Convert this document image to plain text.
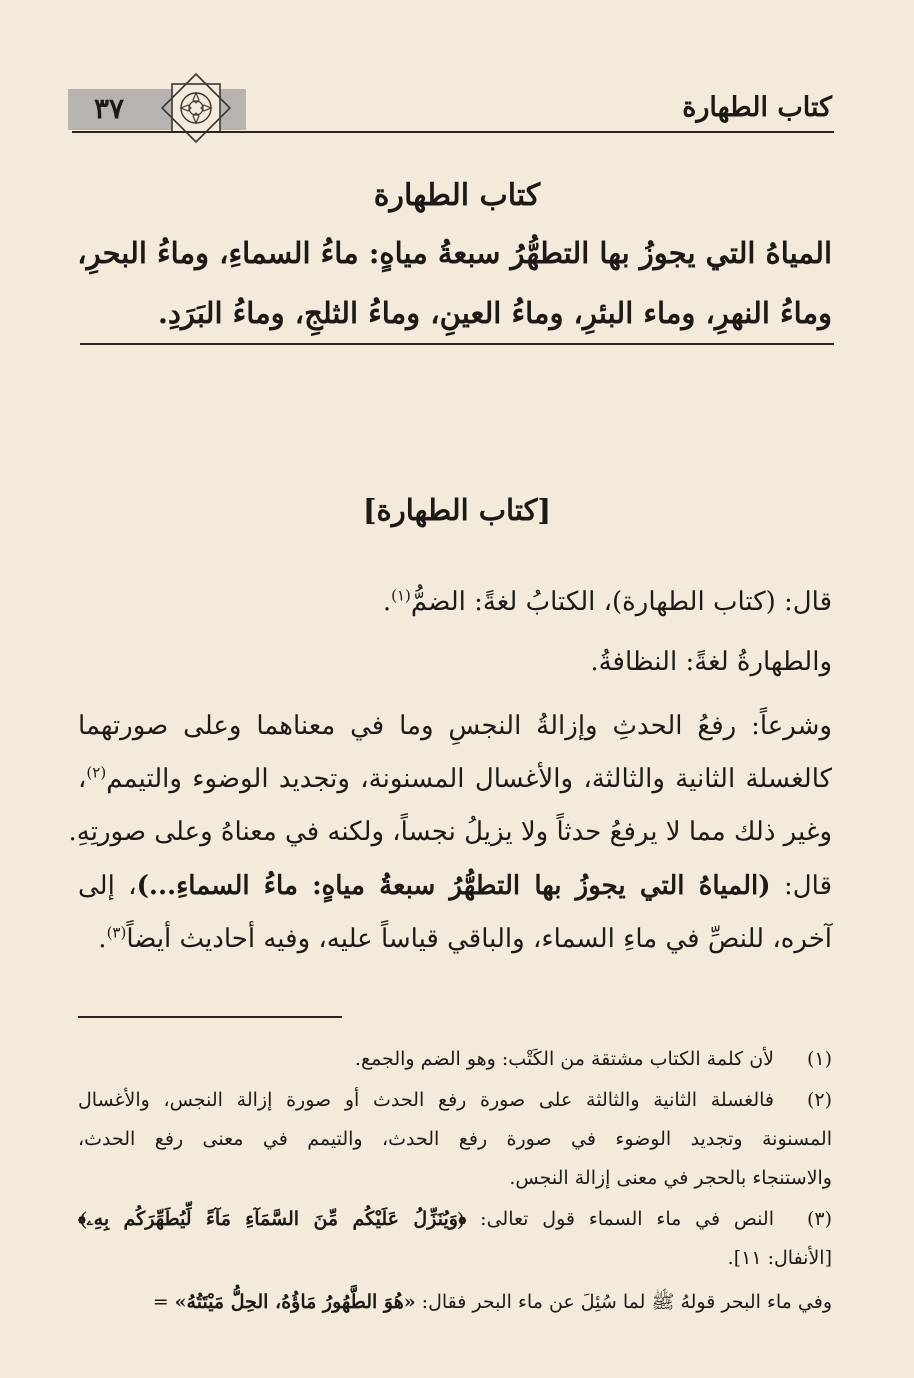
٣٧	كتاب الطهارة
كتاب الطهارة
المياهُ التي يجوزُ بها التطهُّرُ سبعةُ مياهٍ: ماءُ السماءِ، وماءُ البحرِ،
وماءُ النهرِ، وماء البئرِ، وماءُ العينِ، وماءُ الثلجِ، وماءُ البَرَدِ.
[كتاب الطهارة]
قال: (كتاب الطهارة)، الكتابُ لغةً: الضمُّ$^{(١)}$.
والطهارةُ لغةً: النظافةُ.
وشرعاً: رفعُ الحدثِ وإزالةُ النجسِ وما في معناهما وعلى صورتهما
كالغسلة الثانية والثالثة، والأغسال المسنونة، وتجديد الوضوء والتيمم$^{(٢)}$،
وغير ذلك مما لا يرفعُ حدثاً ولا يزيلُ نجساً، ولكنه في معناهُ وعلى صورتِهِ.
قال: (المياهُ التي يجوزُ بها التطهُّرُ سبعةُ مياهٍ: ماءُ السماءِ...)، إلى
آخره، للنصِّ في ماءِ السماء، والباقي قياساً عليه، وفيه أحاديث أيضاً$^{(٣)}$.
(١)
لأن كلمة الكتاب مشتقة من الكَتْب: وهو الضم والجمع.
(٢)
فالغسلة الثانية والثالثة على صورة رفع الحدث أو صورة إزالة النجس، والأغسال
المسنونة وتجديد الوضوء في صورة رفع الحدث، والتيمم في معنى رفع الحدث،
والاستنجاء بالحجر في معنى إزالة النجس.
(٣)
النص في ماء السماء قول تعالى: ﴿وَيُنَزِّلُ عَلَيْكُم مِّنَ السَّمَآءِ مَآءً لِّيُطَهِّرَكُم بِهِۦ﴾
[الأنفال: ١١].
وفي ماء البحر قولهُ ﷺ لما سُئِلَ عن ماء البحر فقال: «هُوَ الطَّهُورُ مَاؤُهُ، الحِلُّ مَيْتَتُهُ» =
